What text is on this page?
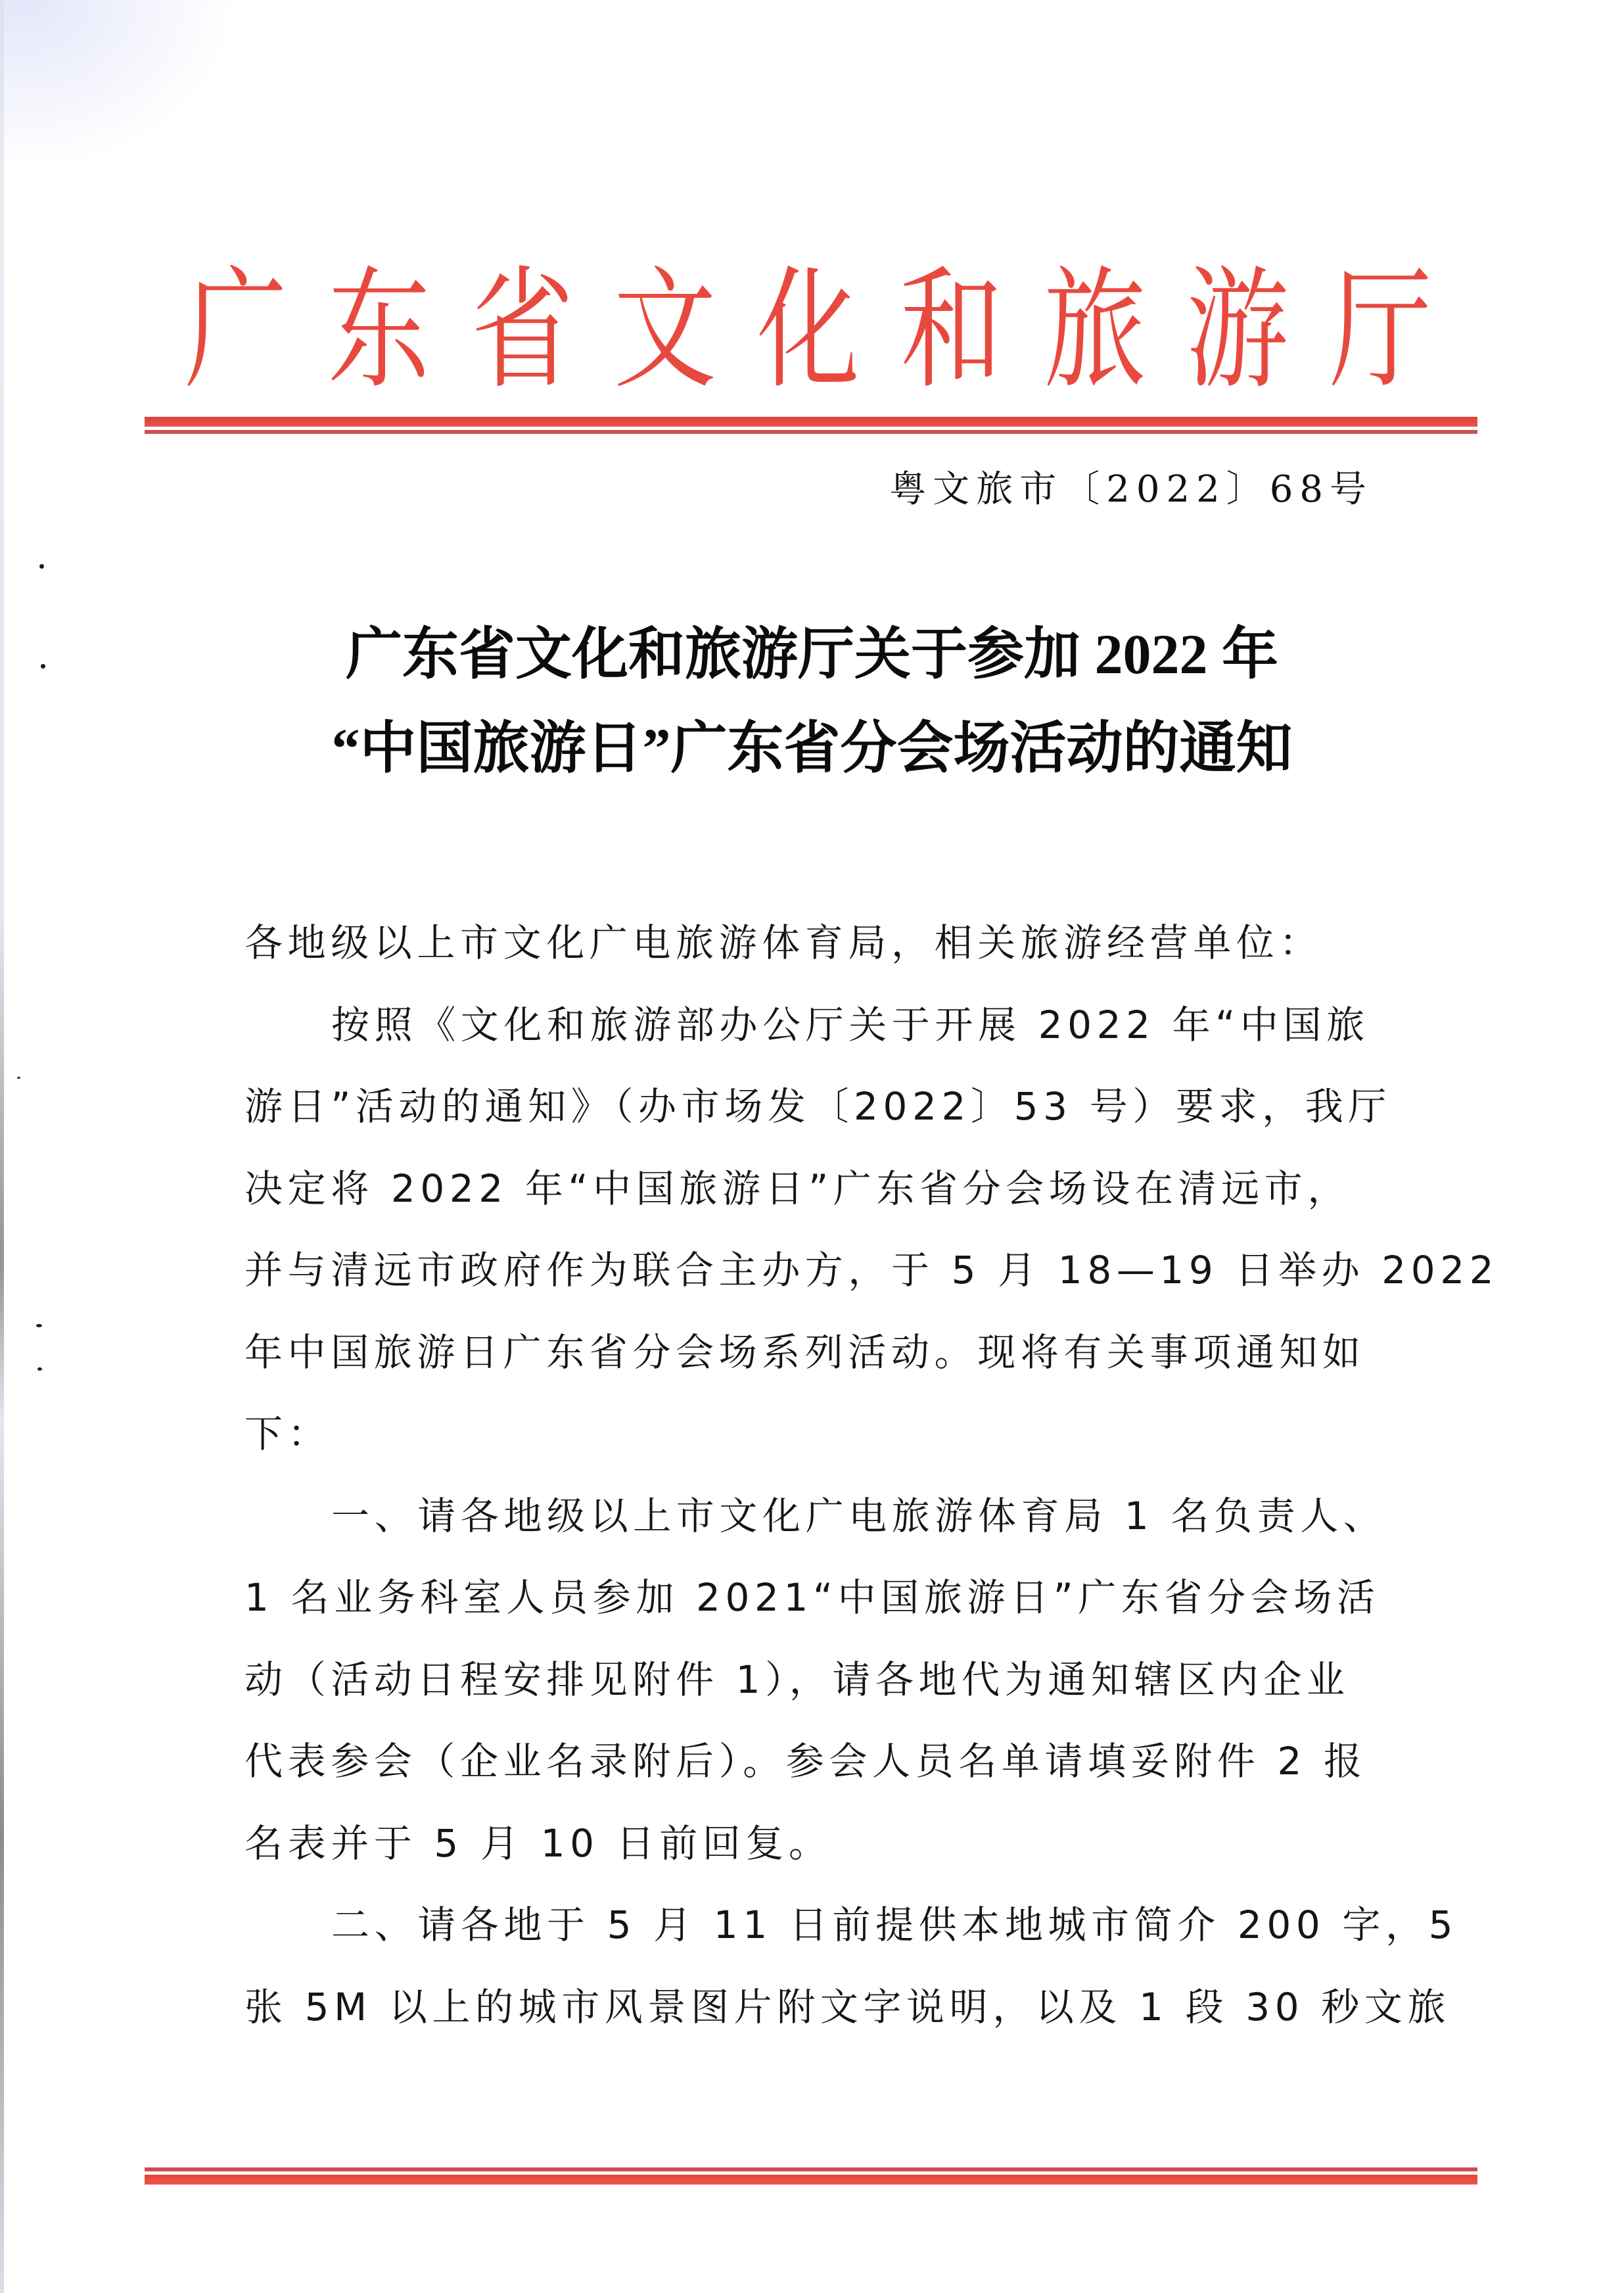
广 东 省 文 化 和 旅 游 厅
粤文旅市〔2022〕68号
广东省文化和旅游厅关于参加 2022 年
“中国旅游日”广东省分会场活动的通知
各地级以上市文化广电旅游体育局，相关旅游经营单位：
按照《文化和旅游部办公厅关于开展 2022 年“中国旅
游日”活动的通知》（办市场发〔2022〕53 号）要求，我厅
决定将 2022 年“中国旅游日”广东省分会场设在清远市，
并与清远市政府作为联合主办方，于 5 月 18—19 日举办 2022
年中国旅游日广东省分会场系列活动。现将有关事项通知如
下：
一、请各地级以上市文化广电旅游体育局 1 名负责人、
1 名业务科室人员参加 2021“中国旅游日”广东省分会场活
动（活动日程安排见附件 1），请各地代为通知辖区内企业
代表参会（企业名录附后）。参会人员名单请填妥附件 2 报
名表并于 5 月 10 日前回复。
二、请各地于 5 月 11 日前提供本地城市简介 200 字，5
张 5M 以上的城市风景图片附文字说明，以及 1 段 30 秒文旅
